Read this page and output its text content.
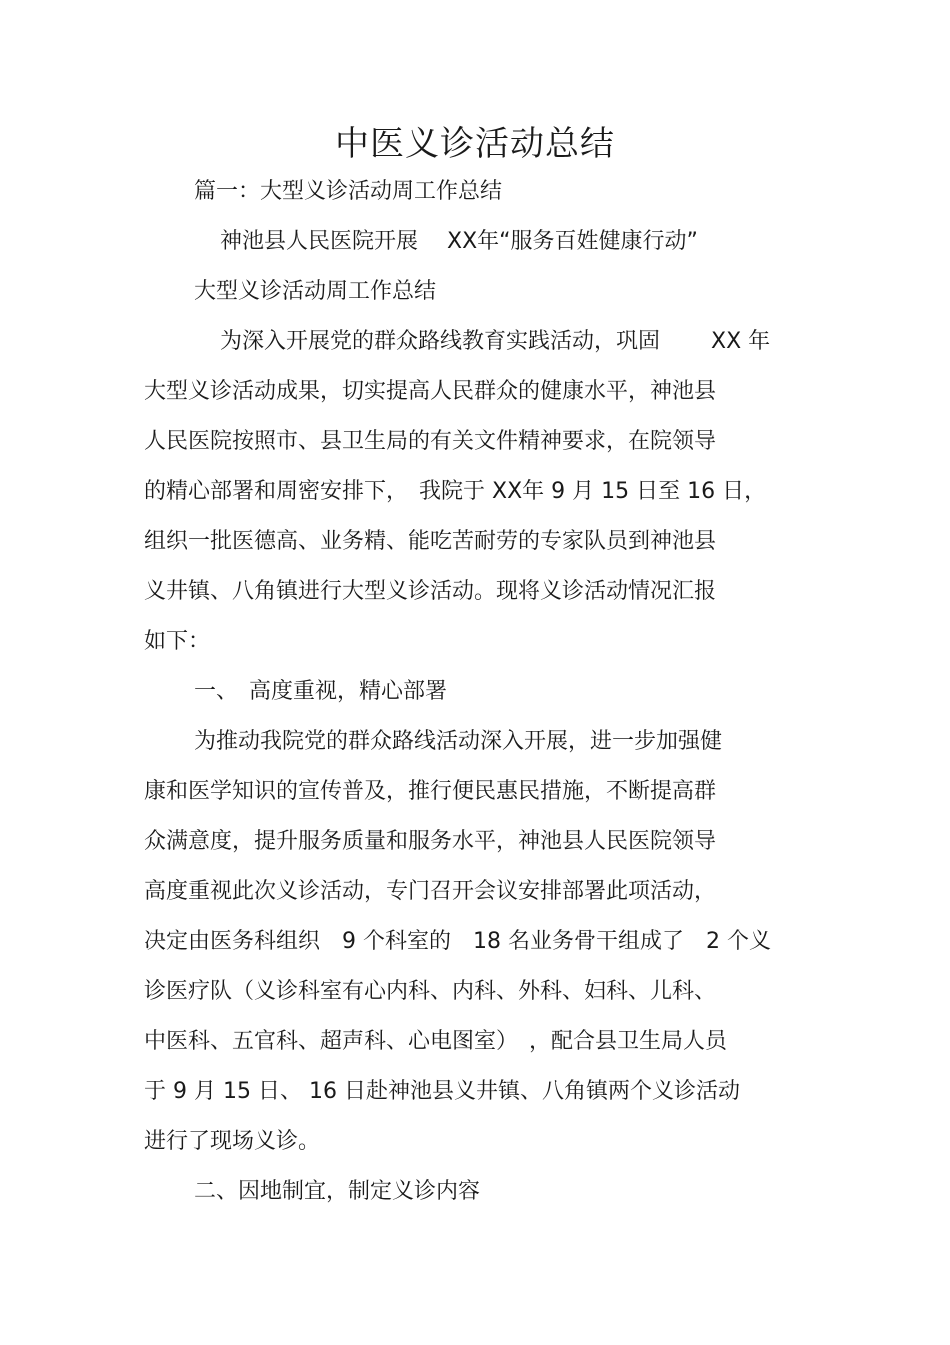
中医义诊活动总结
篇一：大型义诊活动周工作总结
神池县人民医院开展　 XX年“服务百姓健康行动”
大型义诊活动周工作总结
为深入开展党的群众路线教育实践活动，巩固　　 XX 年
大型义诊活动成果，切实提高人民群众的健康水平，神池县
人民医院按照市、县卫生局的有关文件精神要求，在院领导
的精心部署和周密安排下，　我院于 XX年 9 月 15 日至 16 日，
组织一批医德高、业务精、能吃苦耐劳的专家队员到神池县
义井镇、八角镇进行大型义诊活动。现将义诊活动情况汇报
如下：
一、　高度重视，精心部署
为推动我院党的群众路线活动深入开展，进一步加强健
康和医学知识的宣传普及，推行便民惠民措施，不断提高群
众满意度，提升服务质量和服务水平，神池县人民医院领导
高度重视此次义诊活动，专门召开会议安排部署此项活动，
决定由医务科组织　9 个科室的　18 名业务骨干组成了　2 个义
诊医疗队（义诊科室有心内科、内科、外科、妇科、儿科、
中医科、五官科、超声科、心电图室）　，配合县卫生局人员
于 9 月 15 日、 16 日赴神池县义井镇、八角镇两个义诊活动
进行了现场义诊。
二、因地制宜，制定义诊内容
